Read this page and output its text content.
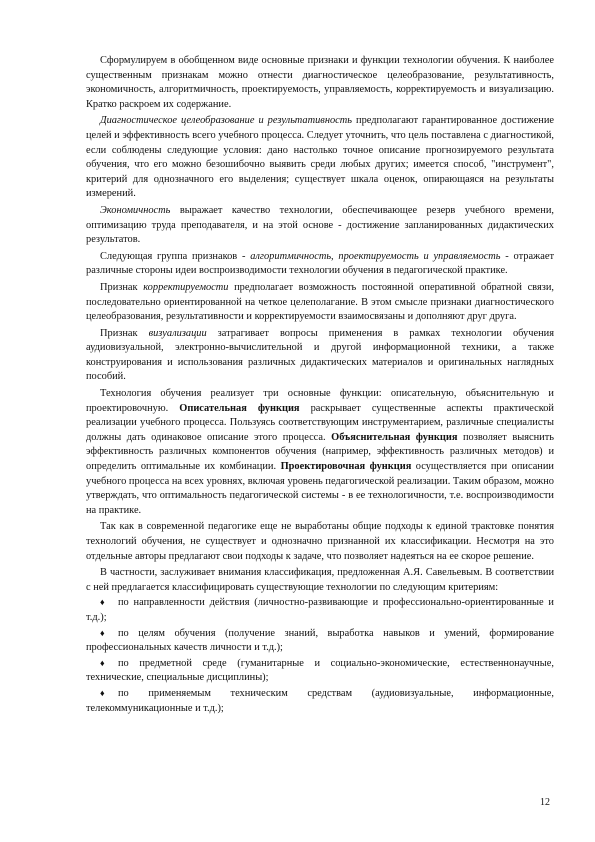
Сформулируем в обобщенном виде основные признаки и функции технологии обучения. К наиболее существенным признакам можно отнести диагностическое целеобразование, результативность, экономичность, алгоритмичность, проектируемость, управляемость, корректируемость и визуализацию. Кратко раскроем их содержание.

Диагностическое целеобразование и результативность предполагают гарантированное достижение целей и эффективность всего учебного процесса. Следует уточнить, что цель поставлена с диагностикой, если соблюдены следующие условия: дано настолько точное описание прогнозируемого результата обучения, что его можно безошибочно выявить среди любых других; имеется способ, "инструмент", критерий для однозначного его выделения; существует шкала оценок, опирающаяся на результаты измерений.

Экономичность выражает качество технологии, обеспечивающее резерв учебного времени, оптимизацию труда преподавателя, и на этой основе - достижение запланированных дидактических результатов.

Следующая группа признаков - алгоритмичность, проектируемость и управляемость - отражает различные стороны идеи воспроизводимости технологии обучения в педагогической практике.

Признак корректируемости предполагает возможность постоянной оперативной обратной связи, последовательно ориентированной на четкое целеполагание. В этом смысле признаки диагностического целеобразования, результативности и корректируемости взаимосвязаны и дополняют друг друга.

Признак визуализации затрагивает вопросы применения в рамках технологии обучения аудиовизуальной, электронно-вычислительной и другой информационной техники, а также конструирования и использования различных дидактических материалов и оригинальных наглядных пособий.

Технология обучения реализует три основные функции: описательную, объяснительную и проектировочную. Описательная функция раскрывает существенные аспекты практической реализации учебного процесса. Пользуясь соответствующим инструментарием, различные специалисты должны дать одинаковое описание этого процесса. Объяснительная функция позволяет выяснить эффективность различных компонентов обучения (например, эффективность различных методов) и определить оптимальные их комбинации. Проектировочная функция осуществляется при описании учебного процесса на всех уровнях, включая уровень педагогической реализации. Таким образом, можно утверждать, что оптимальность педагогической системы - в ее технологичности, т.е. воспроизводимости на практике.

Так как в современной педагогике еще не выработаны общие подходы к единой трактовке понятия технологий обучения, не существует и однозначно признанной их классификации. Несмотря на это отдельные авторы предлагают свои подходы к задаче, что позволяет надеяться на ее скорое решение.

В частности, заслуживает внимания классификация, предложенная А.Я. Савельевым. В соответствии с ней предлагается классифицировать существующие технологии по следующим критериям:

♦ по направленности действия (личностно-развивающие и профессионально-ориентированные и т.д.);
♦ по целям обучения (получение знаний, выработка навыков и умений, формирование профессиональных качеств личности и т.д.);
♦ по предметной среде (гуманитарные и социально-экономические, естественнонаучные, технические, специальные дисциплины);
♦ по применяемым техническим средствам (аудиовизуальные, информационные, телекоммуникационные и т.д.);
12
